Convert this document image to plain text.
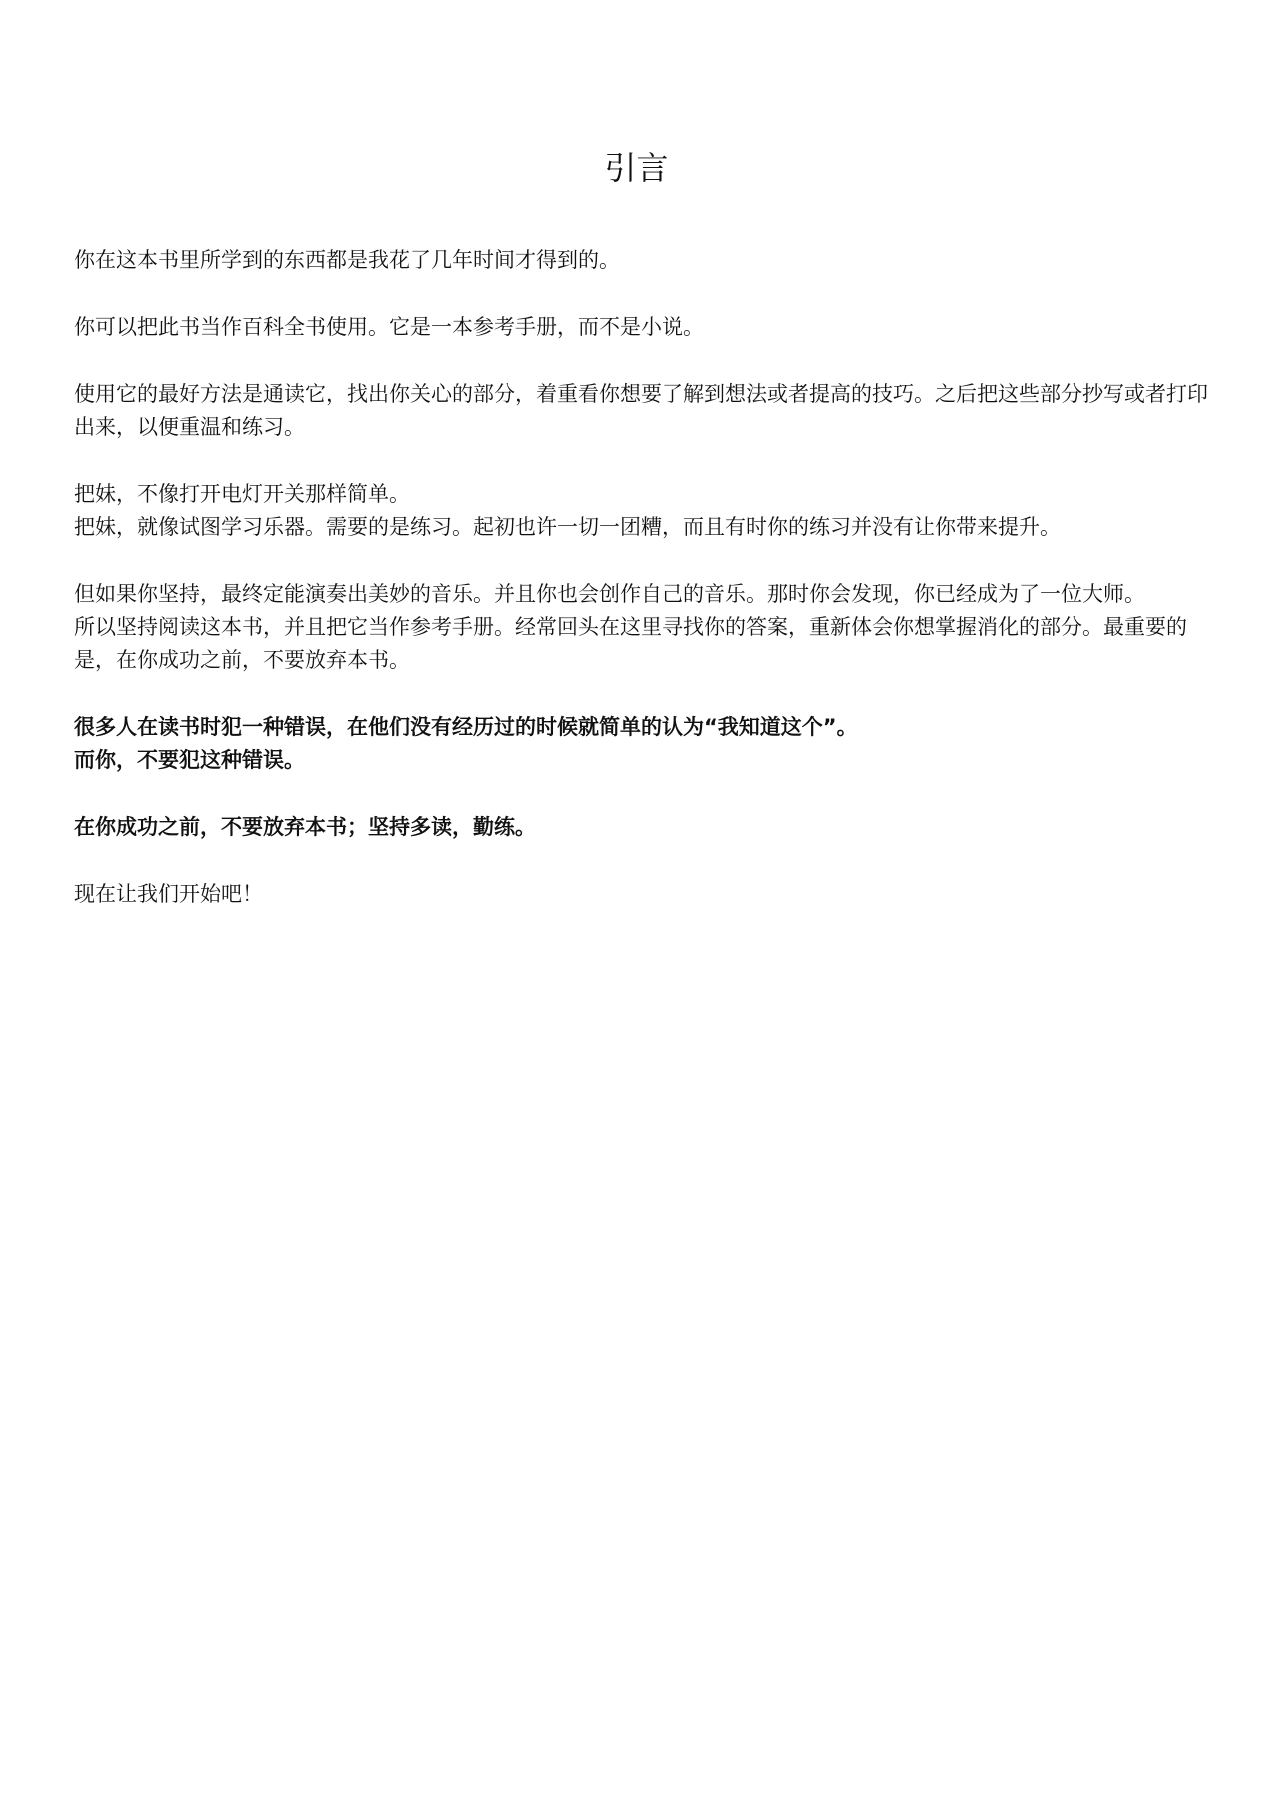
引言

你在这本书里所学到的东西都是我花了几年时间才得到的。

你可以把此书当作百科全书使用。它是一本参考手册，而不是小说。

使用它的最好方法是通读它，找出你关心的部分，着重看你想要了解到想法或者提高的技巧。之后把这些部分抄写或者打印出来，以便重温和练习。

把妹，不像打开电灯开关那样简单。
把妹，就像试图学习乐器。需要的是练习。起初也许一切一团糟，而且有时你的练习并没有让你带来提升。

但如果你坚持，最终定能演奏出美妙的音乐。并且你也会创作自己的音乐。那时你会发现，你已经成为了一位大师。
所以坚持阅读这本书，并且把它当作参考手册。经常回头在这里寻找你的答案，重新体会你想掌握消化的部分。最重要的是，在你成功之前，不要放弃本书。

很多人在读书时犯一种错误，在他们没有经历过的时候就简单的认为“我知道这个”。
而你，不要犯这种错误。

在你成功之前，不要放弃本书；坚持多读，勤练。

现在让我们开始吧！
